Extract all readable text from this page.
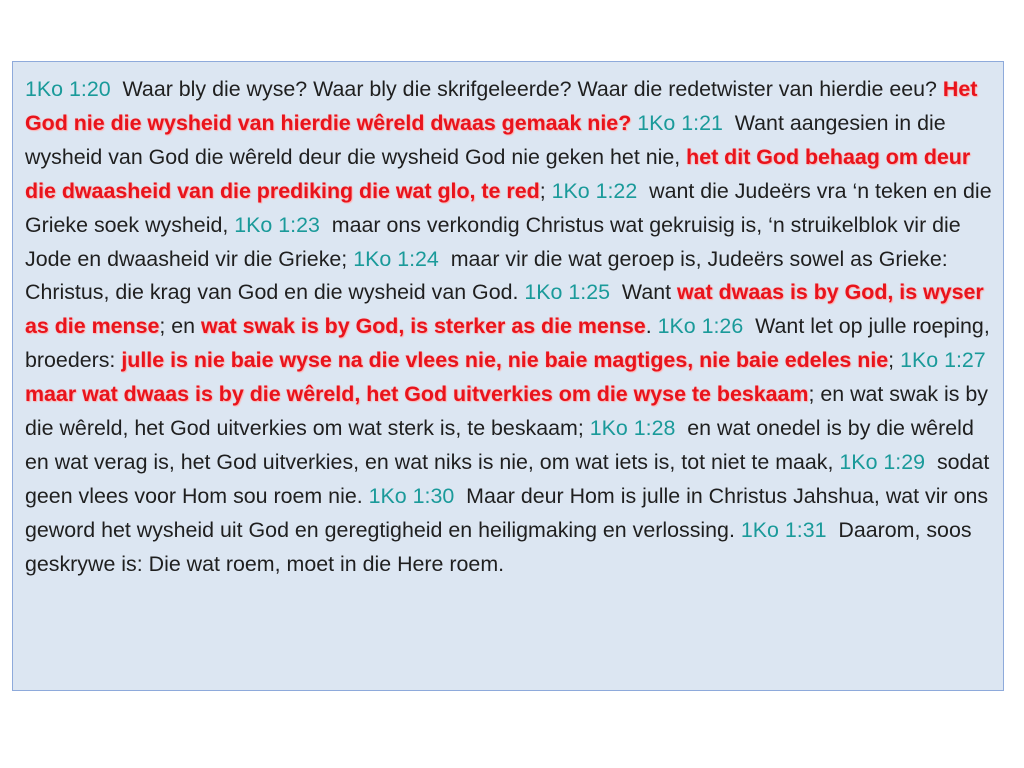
1Ko 1:20 Waar bly die wyse? Waar bly die skrifgeleerde? Waar die redetwister van hierdie eeu? Het God nie die wysheid van hierdie wêreld dwaas gemaak nie? 1Ko 1:21 Want aangesien in die wysheid van God die wêreld deur die wysheid God nie geken het nie, het dit God behaag om deur die dwaasheid van die prediking die wat glo, te red; 1Ko 1:22 want die Judeërs vra ‘n teken en die Grieke soek wysheid, 1Ko 1:23 maar ons verkondig Christus wat gekruisig is, ‘n struikelblok vir die Jode en dwaasheid vir die Grieke; 1Ko 1:24 maar vir die wat geroep is, Judeërs sowel as Grieke: Christus, die krag van God en die wysheid van God. 1Ko 1:25 Want wat dwaas is by God, is wyser as die mense; en wat swak is by God, is sterker as die mense. 1Ko 1:26 Want let op julle roeping, broeders: julle is nie baie wyse na die vlees nie, nie baie magtiges, nie baie edeles nie; 1Ko 1:27  maar wat dwaas is by die wêreld, het God uitverkies om die wyse te beskaam; en wat swak is by die wêreld, het God uitverkies om wat sterk is, te beskaam; 1Ko 1:28 en wat onedel is by die wêreld en wat verag is, het God uitverkies, en wat niks is nie, om wat iets is, tot niet te maak, 1Ko 1:29 sodat geen vlees voor Hom sou roem nie. 1Ko 1:30 Maar deur Hom is julle in Christus Jahshua, wat vir ons geword het wysheid uit God en geregtigheid en heiligmaking en verlossing. 1Ko 1:31 Daarom, soos geskrywe is: Die wat roem, moet in die Here roem.
